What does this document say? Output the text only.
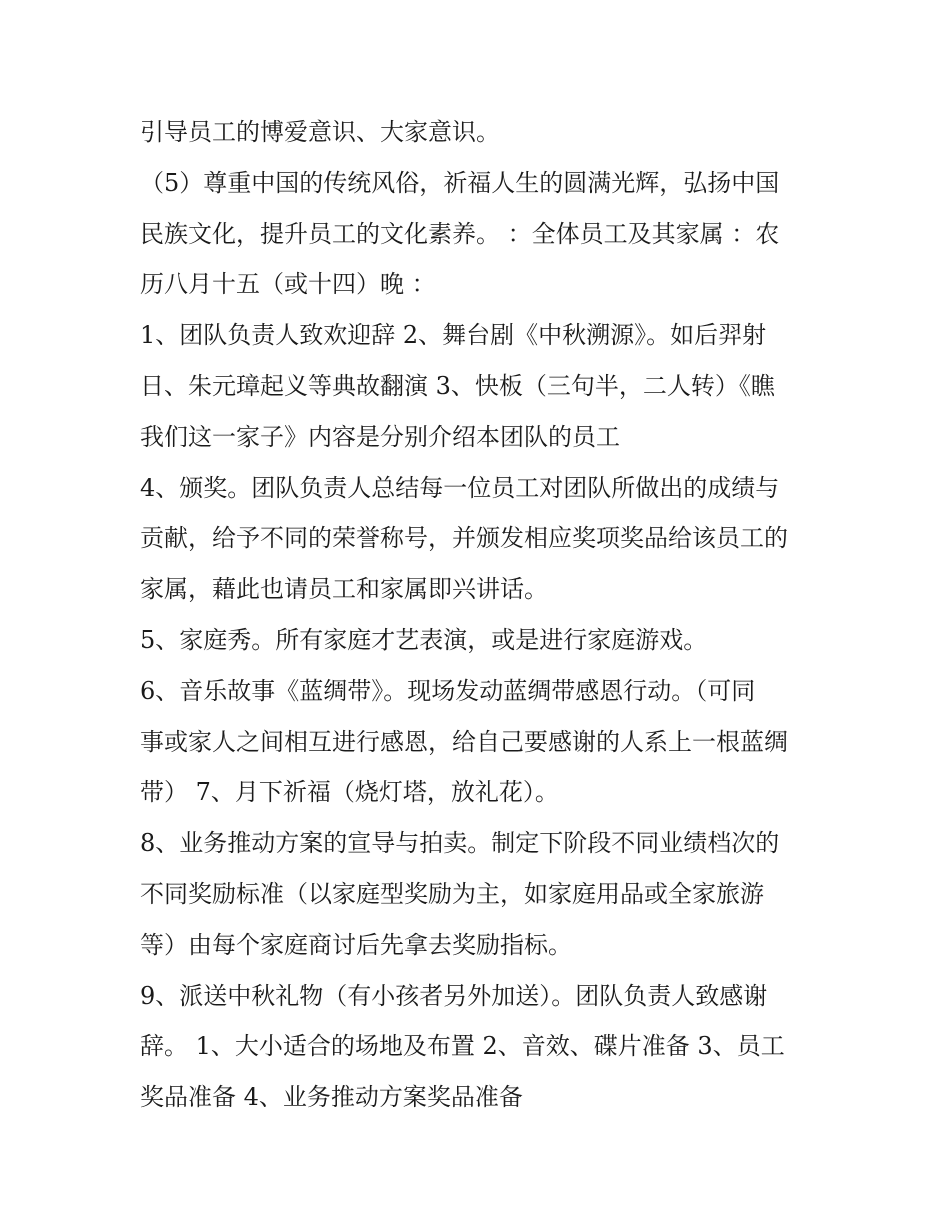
引导员工的博爱意识、大家意识。
（5）尊重中国的传统风俗，祈福人生的圆满光辉，弘扬中国
民族文化，提升员工的文化素养。 ：全体员工及其家属 ：农
历八月十五（或十四）晚 ：
1、团队负责人致欢迎辞 2、舞台剧《中秋溯源》。如后羿射
日、朱元璋起义等典故翻演 3、快板（三句半，二人转）《瞧
我们这一家子》内容是分别介绍本团队的员工
4、颁奖。团队负责人总结每一位员工对团队所做出的成绩与
贡献，给予不同的荣誉称号，并颁发相应奖项奖品给该员工的
家属，藉此也请员工和家属即兴讲话。
5、家庭秀。所有家庭才艺表演，或是进行家庭游戏。
6、音乐故事《蓝绸带》。现场发动蓝绸带感恩行动。（可同
事或家人之间相互进行感恩，给自己要感谢的人系上一根蓝绸
带） 7、月下祈福（烧灯塔，放礼花）。
8、业务推动方案的宣导与拍卖。制定下阶段不同业绩档次的
不同奖励标准（以家庭型奖励为主，如家庭用品或全家旅游
等）由每个家庭商讨后先拿去奖励指标。
9、派送中秋礼物（有小孩者另外加送）。团队负责人致感谢
辞。 1、大小适合的场地及布置 2、音效、碟片准备 3、员工
奖品准备 4、业务推动方案奖品准备
